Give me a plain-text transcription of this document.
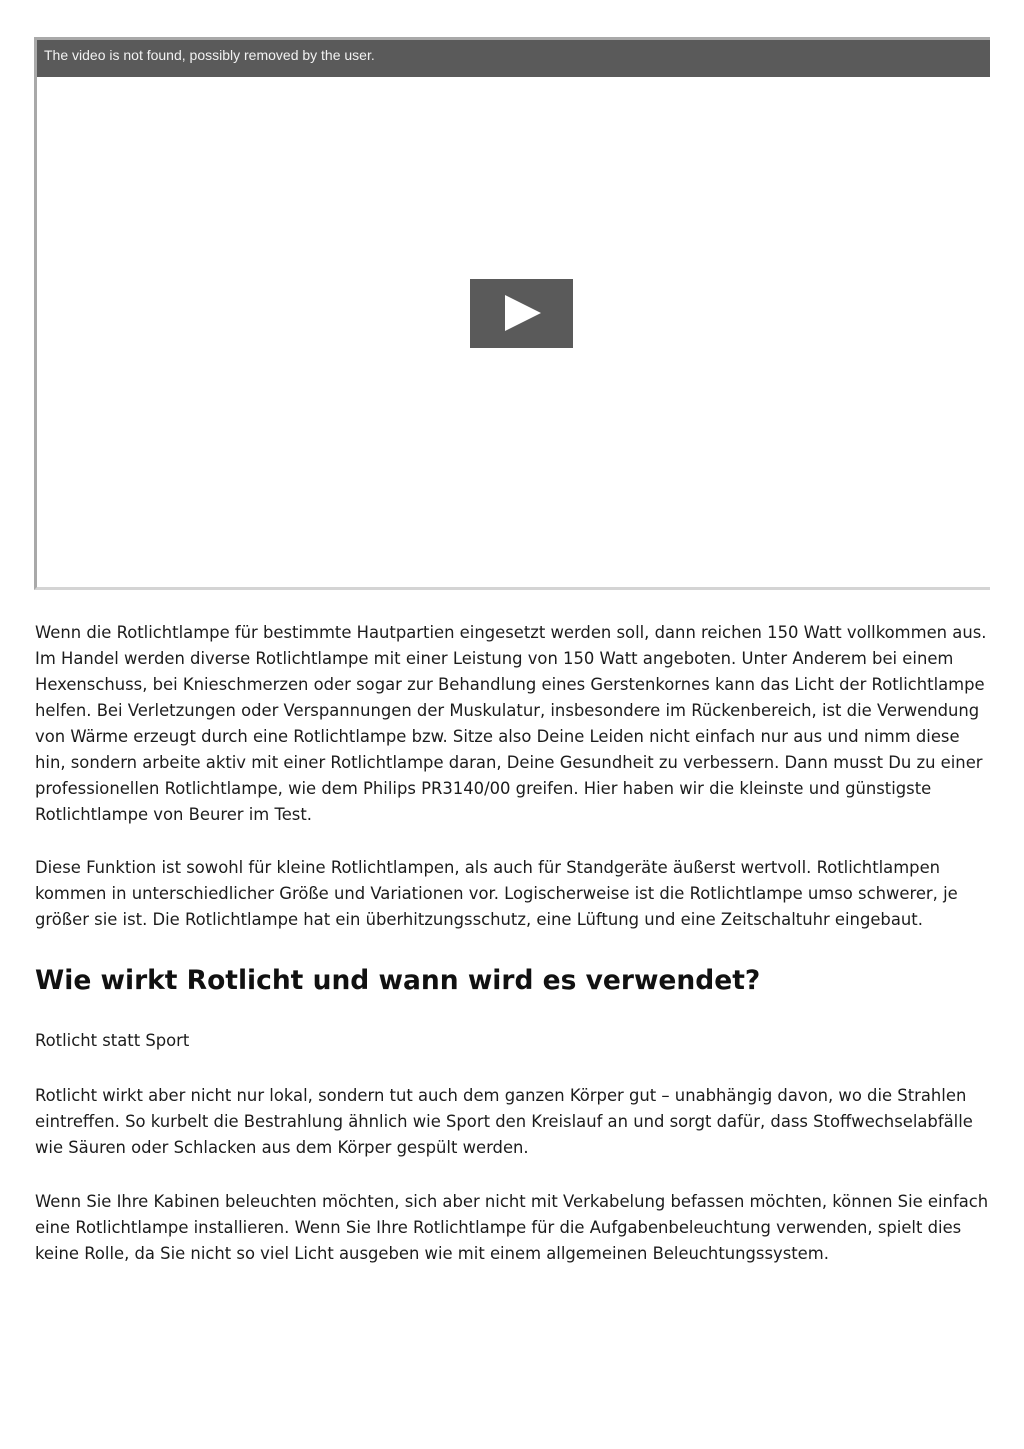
The video is not found, possibly removed by the user.

Wenn die Rotlichtlampe für bestimmte Hautpartien eingesetzt werden soll, dann reichen 150 Watt vollkommen aus. Im Handel werden diverse Rotlichtlampe mit einer Leistung von 150 Watt angeboten. Unter Anderem bei einem Hexenschuss, bei Knieschmerzen oder sogar zur Behandlung eines Gerstenkornes kann das Licht der Rotlichtlampe helfen. Bei Verletzungen oder Verspannungen der Muskulatur, insbesondere im Rückenbereich, ist die Verwendung von Wärme erzeugt durch eine Rotlichtlampe bzw. Sitze also Deine Leiden nicht einfach nur aus und nimm diese hin, sondern arbeite aktiv mit einer Rotlichtlampe daran, Deine Gesundheit zu verbessern. Dann musst Du zu einer professionellen Rotlichtlampe, wie dem Philips PR3140/00 greifen. Hier haben wir die kleinste und günstigste Rotlichtlampe von Beurer im Test.

Diese Funktion ist sowohl für kleine Rotlichtlampen, als auch für Standgeräte äußerst wertvoll. Rotlichtlampen kommen in unterschiedlicher Größe und Variationen vor. Logischerweise ist die Rotlichtlampe umso schwerer, je größer sie ist. Die Rotlichtlampe hat ein überhitzungsschutz, eine Lüftung und eine Zeitschaltuhr eingebaut.

Wie wirkt Rotlicht und wann wird es verwendet?

Rotlicht statt Sport

Rotlicht wirkt aber nicht nur lokal, sondern tut auch dem ganzen Körper gut – unabhängig davon, wo die Strahlen eintreffen. So kurbelt die Bestrahlung ähnlich wie Sport den Kreislauf an und sorgt dafür, dass Stoffwechselabfälle wie Säuren oder Schlacken aus dem Körper gespült werden.

Wenn Sie Ihre Kabinen beleuchten möchten, sich aber nicht mit Verkabelung befassen möchten, können Sie einfach eine Rotlichtlampe installieren. Wenn Sie Ihre Rotlichtlampe für die Aufgabenbeleuchtung verwenden, spielt dies keine Rolle, da Sie nicht so viel Licht ausgeben wie mit einem allgemeinen Beleuchtungssystem.
